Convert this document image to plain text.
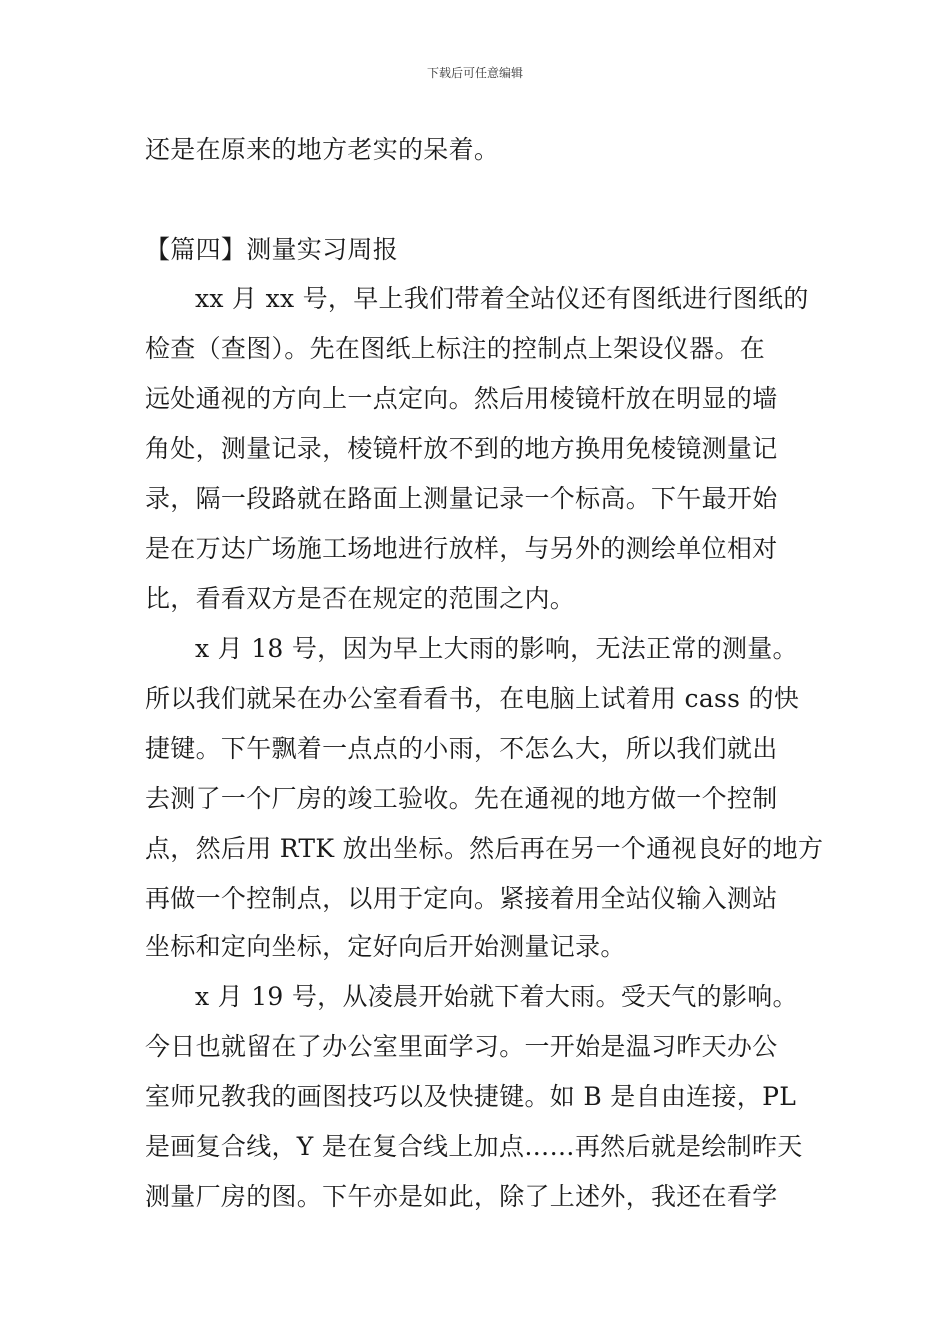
下载后可任意编辑
还是在原来的地方老实的呆着。
【篇四】测量实习周报
xx 月 xx 号，早上我们带着全站仪还有图纸进行图纸的
检查（查图）。先在图纸上标注的控制点上架设仪器。在
远处通视的方向上一点定向。然后用棱镜杆放在明显的墙
角处，测量记录，棱镜杆放不到的地方换用免棱镜测量记
录，隔一段路就在路面上测量记录一个标高。下午最开始
是在万达广场施工场地进行放样，与另外的测绘单位相对
比，看看双方是否在规定的范围之内。
x 月 18 号，因为早上大雨的影响，无法正常的测量。
所以我们就呆在办公室看看书，在电脑上试着用 cass 的快
捷键。下午飘着一点点的小雨，不怎么大，所以我们就出
去测了一个厂房的竣工验收。先在通视的地方做一个控制
点，然后用 RTK 放出坐标。然后再在另一个通视良好的地方
再做一个控制点，以用于定向。紧接着用全站仪输入测站
坐标和定向坐标，定好向后开始测量记录。
x 月 19 号，从凌晨开始就下着大雨。受天气的影响。
今日也就留在了办公室里面学习。一开始是温习昨天办公
室师兄教我的画图技巧以及快捷键。如 B 是自由连接，PL
是画复合线，Y 是在复合线上加点……再然后就是绘制昨天
测量厂房的图。下午亦是如此，除了上述外，我还在看学
